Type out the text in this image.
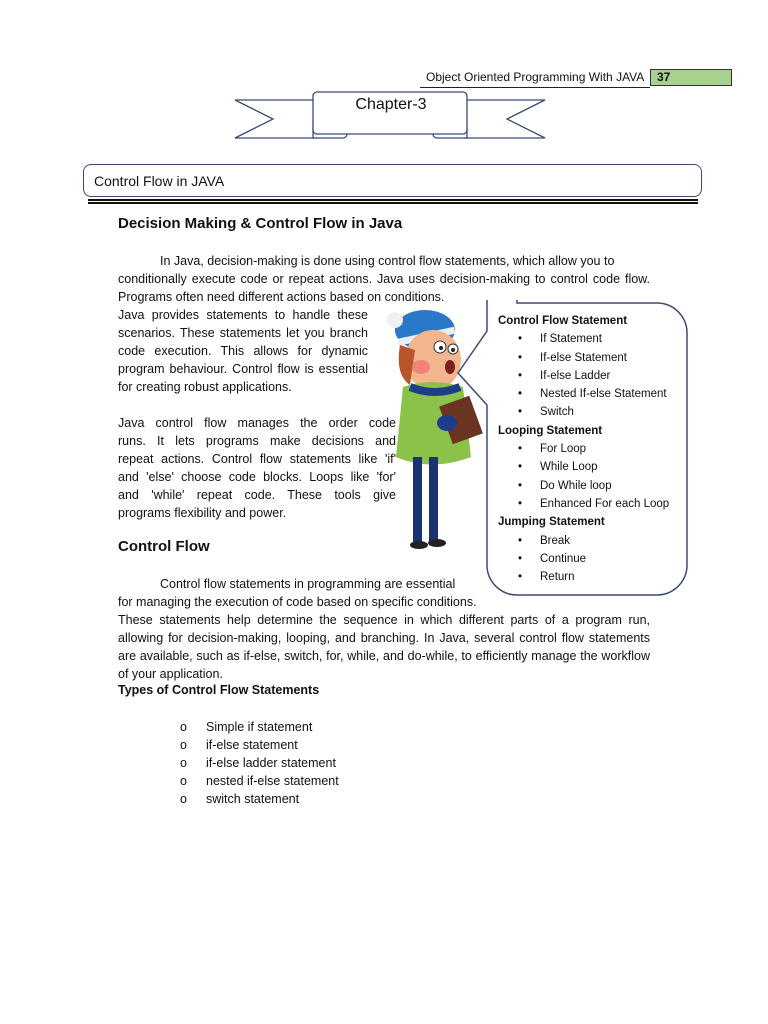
Object Oriented Programming With JAVA	37
Chapter-3
Control Flow in JAVA
Decision Making & Control Flow in Java
In Java, decision-making is done using control flow statements, which allow you to
conditionally execute code or repeat actions. Java uses decision-making to control code flow.
Programs often need different actions based on conditions.
Java provides statements to handle these
scenarios. These statements let you branch
code execution. This allows for dynamic
program behaviour. Control flow is essential
for creating robust applications.
Java control flow manages the order code
runs. It lets programs make decisions and
repeat actions. Control flow statements like 'if'
and 'else' choose code blocks. Loops like 'for'
and 'while' repeat code. These tools give
programs flexibility and power.
Control Flow
Control flow statements in programming are essential
for managing the execution of code based on specific conditions.
These statements help determine the sequence in which different parts of a program run,
allowing for decision-making, looping, and branching. In Java, several control flow statements
are available, such as if-else, switch, for, while, and do-while, to efficiently manage the workflow
of your application.
Types of Control Flow Statements
o Simple if statement
o if-else statement
o if-else ladder statement
o nested if-else statement
o switch statement
Control Flow Statement
• If Statement
• If-else Statement
• If-else Ladder
• Nested If-else Statement
• Switch
Looping Statement
• For Loop
• While Loop
• Do While loop
• Enhanced For each Loop
Jumping Statement
• Break
• Continue
• Return
